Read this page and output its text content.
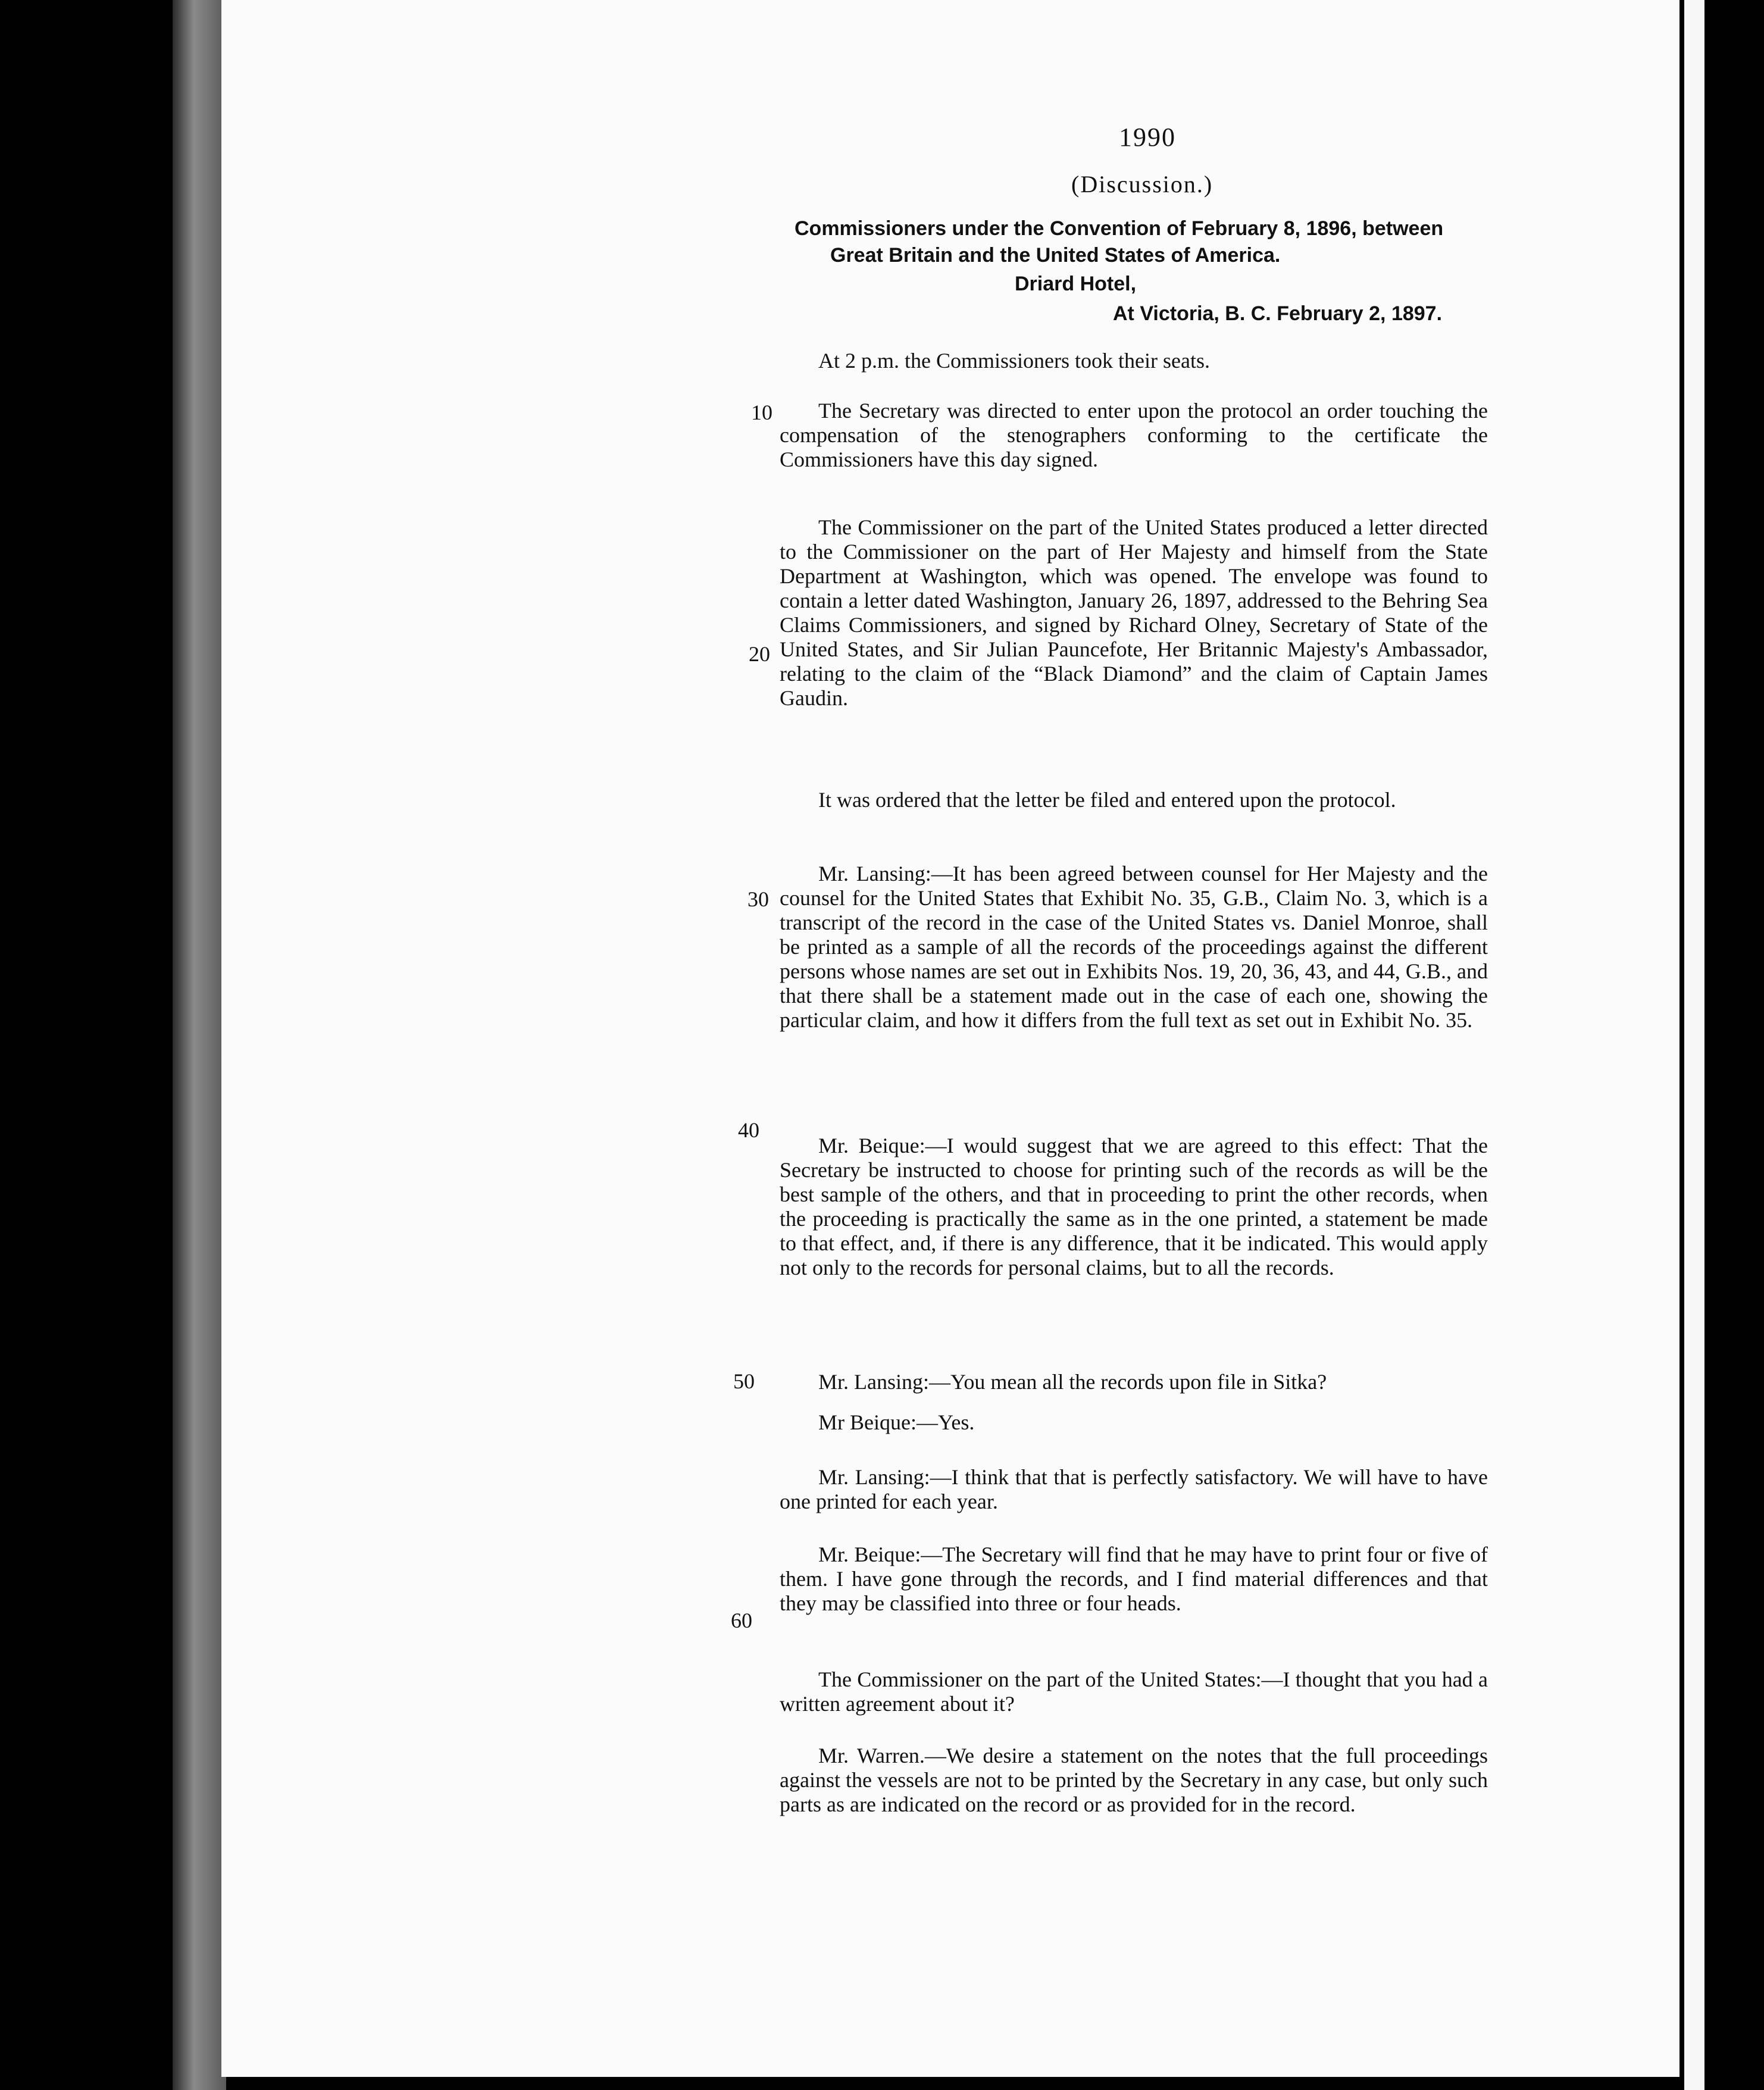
1990
(Discussion.)
Commissioners under the Convention of February 8, 1896, between
Great Britain and the United States of America.
Driard Hotel,
At Victoria, B. C. February 2, 1897.

At 2 p.m. the Commissioners took their seats.

10	The Secretary was directed to enter upon the protocol an order touching the compensation of the stenographers conforming to the certificate the Commissioners have this day signed.

The Commissioner on the part of the United States produced a letter directed to the Commissioner on the part of Her Majesty and himself from the State Department at Washington, which was opened. The envelope was found to contain a letter dated Washington, January 26, 1897, addressed to the Behring Sea Claims Commissioners, and signed by Richard Olney, Secretary of State of the United States, and Sir Julian Pauncefote, Her Britannic Majesty's Ambassador, relating to the claim of the “Black Diamond” and the claim of Captain James Gaudin.

20

It was ordered that the letter be filed and entered upon the protocol.

30

Mr. Lansing:—It has been agreed between counsel for Her Majesty and the counsel for the United States that Exhibit No. 35, G.B., Claim No. 3, which is a transcript of the record in the case of the United States vs. Daniel Monroe, shall be printed as a sample of all the records of the proceedings against the different persons whose names are set out in Exhibits Nos. 19, 20, 36, 43, and 44, G.B., and that there shall be a statement made out in the case of each one, showing the particular claim, and how it differs from the full text as set out in Exhibit No. 35.

40

Mr. Beique:—I would suggest that we are agreed to this effect: That the Secretary be instructed to choose for printing such of the records as will be the best sample of the others, and that in proceeding to print the other records, when the proceeding is practically the same as in the one printed, a statement be made to that effect, and, if there is any difference, that it be indicated. This would apply not only to the records for personal claims, but to all the records.

50	Mr. Lansing:—You mean all the records upon file in Sitka?

Mr Beique:—Yes.

Mr. Lansing:—I think that that is perfectly satisfactory. We will have to have one printed for each year.

Mr. Beique:—The Secretary will find that he may have to print four or five of them. I have gone through the records, and I find material differences and that they may be classified into three or four heads.

60

The Commissioner on the part of the United States:—I thought that you had a written agreement about it?

Mr. Warren.—We desire a statement on the notes that the full proceedings against the vessels are not to be printed by the Secretary in any case, but only such parts as are indicated on the record or as provided for in the record.
